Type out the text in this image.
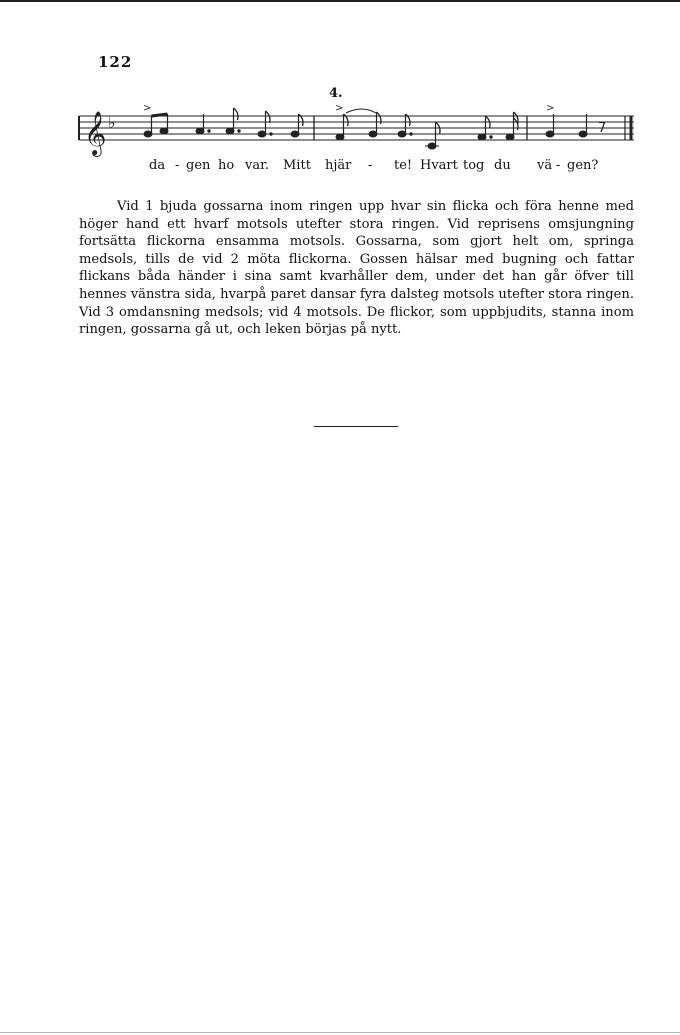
122
4.
𝄞 ♭
>	>	>
7
da - gen ho var. Mitt hjär - te! Hvart tog du vä - gen?

Vid 1 bjuda gossarna inom ringen upp hvar sin flicka och föra henne med höger hand ett hvarf motsols utefter stora ringen. Vid reprisens omsjungning fortsätta flickorna ensamma motsols. Gossarna, som gjort helt om, springa medsols, tills de vid 2 möta flickorna. Gossen hälsar med bugning och fattar flickans båda händer i sina samt kvarhåller dem, under det han går öfver till hennes vänstra sida, hvarpå paret dansar fyra dalsteg motsols utefter stora ringen. Vid 3 omdansning medsols; vid 4 motsols. De flickor, som uppbjudits, stanna inom ringen, gossarna gå ut, och leken börjas på nytt.
